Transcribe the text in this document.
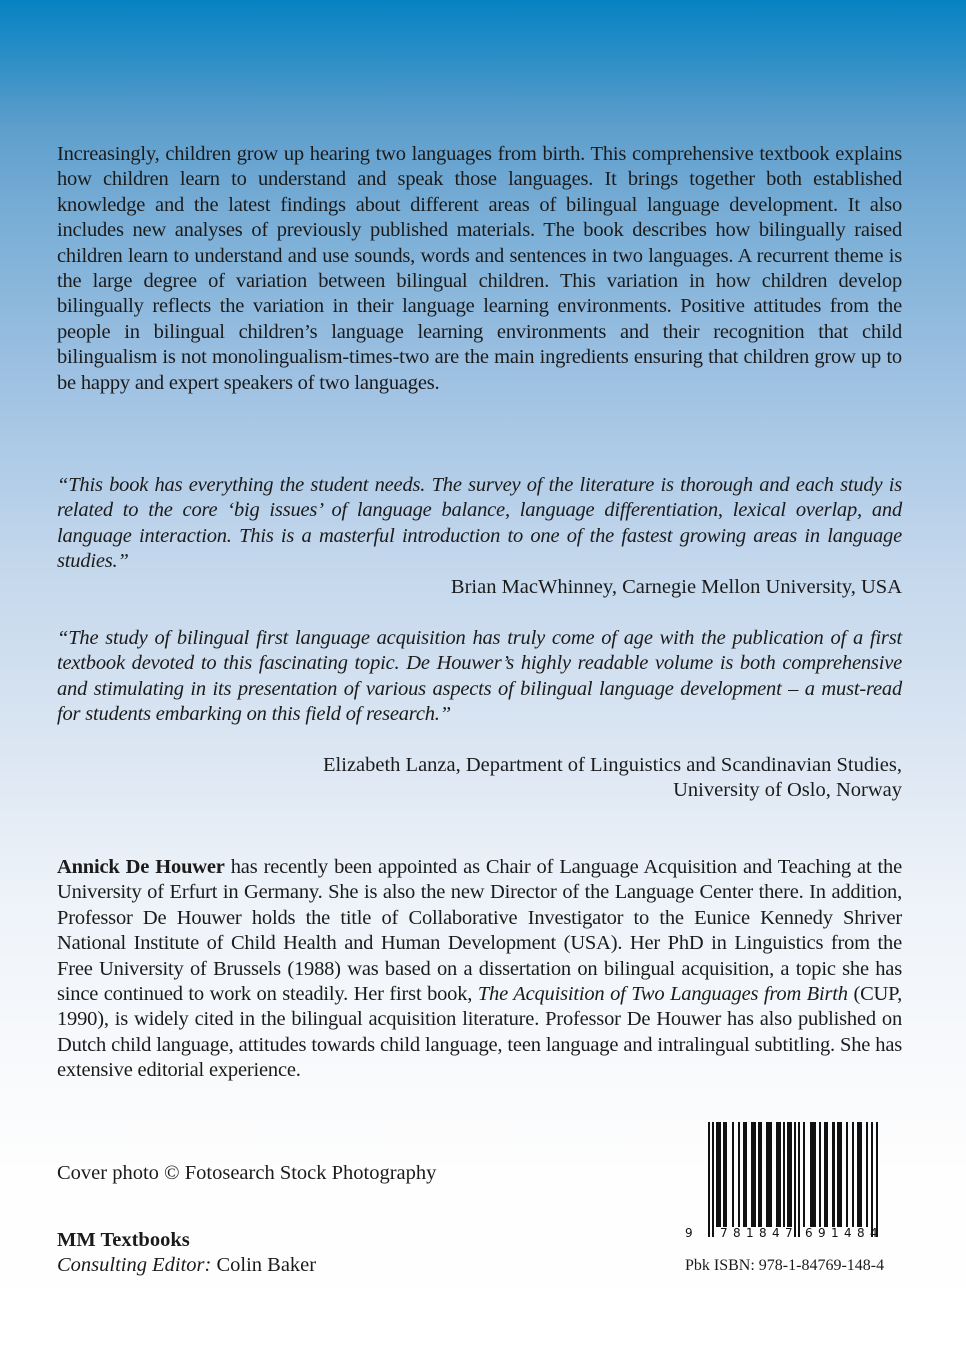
Increasingly, children grow up hearing two languages from birth. This comprehensive textbook explains how children learn to understand and speak those languages. It brings together both established knowledge and the latest findings about different areas of bilingual language development. It also includes new analyses of previously published materials. The book describes how bilingually raised children learn to understand and use sounds, words and sentences in two languages. A recurrent theme is the large degree of variation between bilingual children. This variation in how children develop bilingually reflects the variation in their language learning environments. Positive attitudes from the people in bilingual children’s language learning environments and their recognition that child bilingualism is not monolingualism-times-two are the main ingredients ensuring that children grow up to be happy and expert speakers of two languages.

“This book has everything the student needs. The survey of the literature is thorough and each study is related to the core ‘big issues’ of language balance, language differentiation, lexical overlap, and language interaction. This is a masterful introduction to one of the fastest growing areas in language studies.”

Brian MacWhinney, Carnegie Mellon University, USA

“The study of bilingual first language acquisition has truly come of age with the publication of a first textbook devoted to this fascinating topic. De Houwer’s highly readable volume is both comprehensive and stimulating in its presentation of various aspects of bilingual language development – a must-read for students embarking on this field of research.”

Elizabeth Lanza, Department of Linguistics and Scandinavian Studies,

University of Oslo, Norway

Annick De Houwer has recently been appointed as Chair of Language Acquisition and Teaching at the University of Erfurt in Germany. She is also the new Director of the Language Center there. In addition, Professor De Houwer holds the title of Collaborative Investigator to the Eunice Kennedy Shriver National Institute of Child Health and Human Development (USA). Her PhD in Linguistics from the Free University of Brussels (1988) was based on a dissertation on bilingual acquisition, a topic she has since continued to work on steadily. Her first book, The Acquisition of Two Languages from Birth (CUP, 1990), is widely cited in the bilingual acquisition literature. Professor De Houwer has also published on Dutch child language, attitudes towards child language, teen language and intralingual subtitling. She has extensive editorial experience.

Cover photo © Fotosearch Stock Photography
MM Textbooks
Consulting Editor: Colin Baker
9 7 8 1 8 4 7 6 9 1 4 8 4
Pbk ISBN: 978-1-84769-148-4
